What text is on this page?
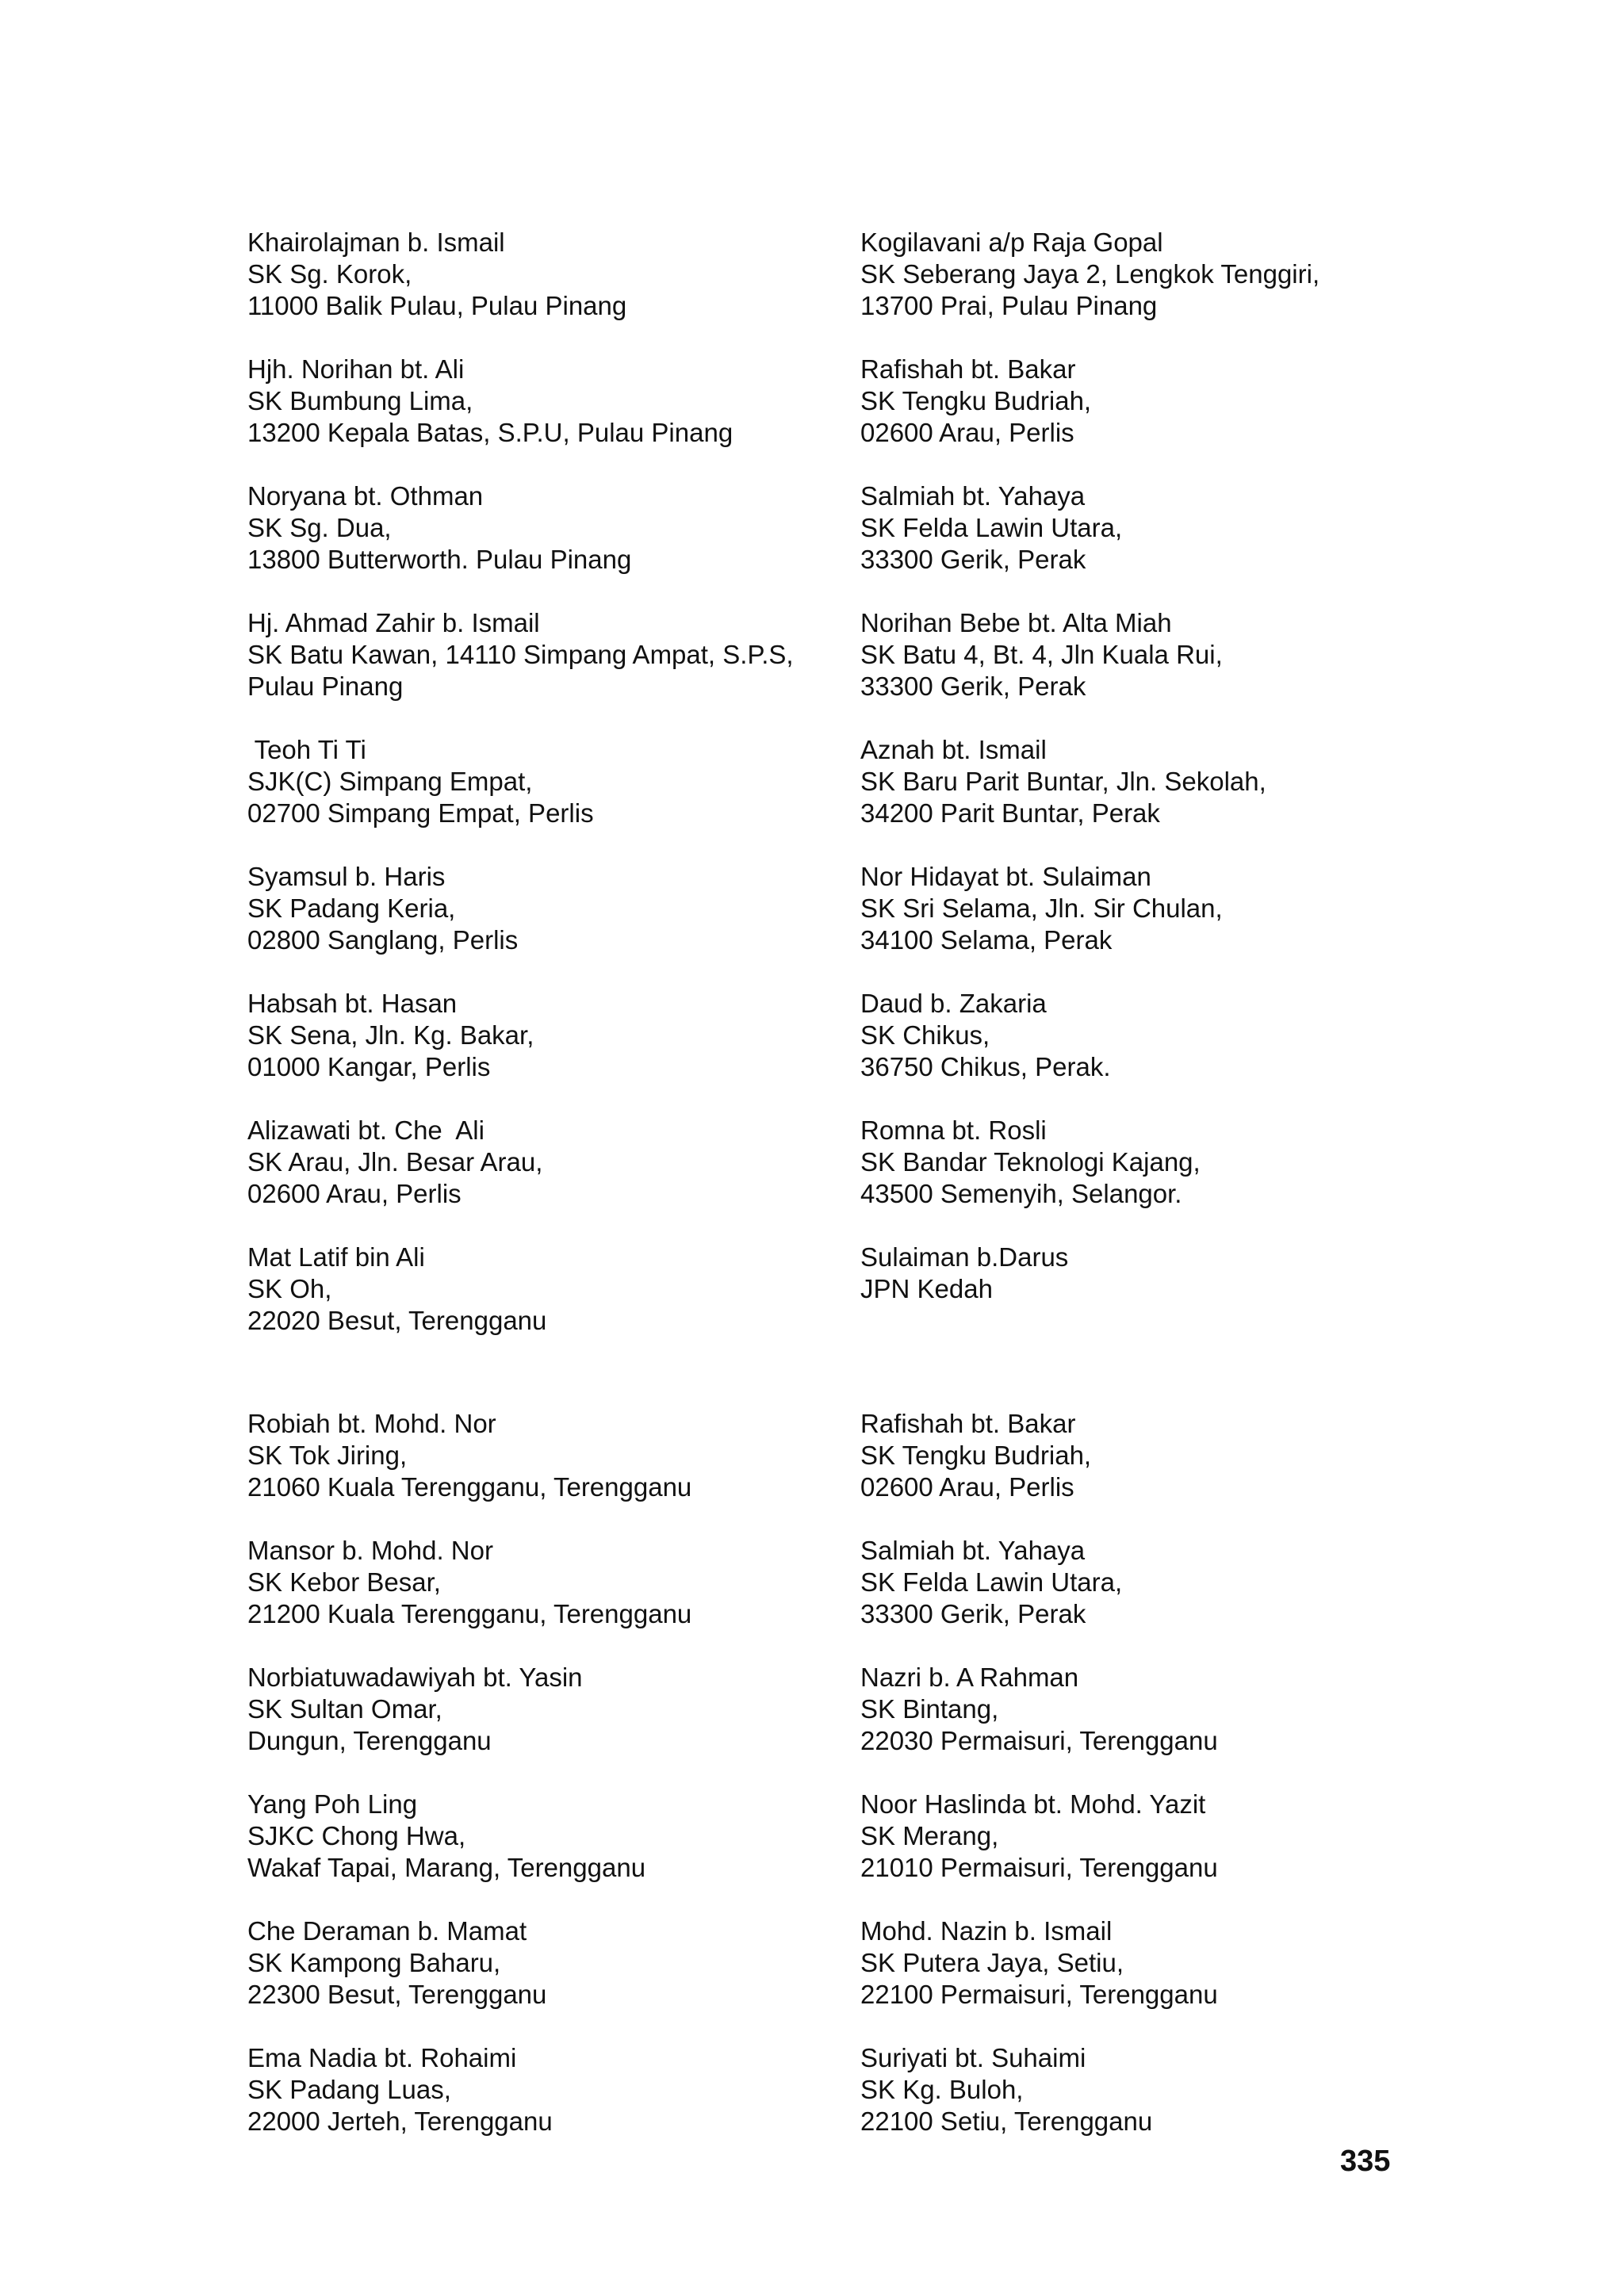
Khairolajman b. Ismail
SK Sg. Korok,
11000 Balik Pulau, Pulau Pinang
Hjh. Norihan bt. Ali
SK Bumbung Lima,
13200 Kepala Batas, S.P.U, Pulau Pinang
Noryana bt. Othman
SK Sg. Dua,
13800 Butterworth. Pulau Pinang
Hj. Ahmad Zahir b. Ismail
SK Batu Kawan, 14110 Simpang Ampat, S.P.S,
Pulau Pinang
Teoh Ti Ti
SJK(C) Simpang Empat,
02700 Simpang Empat, Perlis
Syamsul b. Haris
SK Padang Keria,
02800 Sanglang, Perlis
Habsah bt. Hasan
SK Sena, Jln. Kg. Bakar,
01000 Kangar, Perlis
Alizawati bt. Che  Ali
SK Arau, Jln. Besar Arau,
02600 Arau, Perlis
Mat Latif bin Ali
SK Oh,
22020 Besut, Terengganu
Robiah bt. Mohd. Nor
SK Tok Jiring,
21060 Kuala Terengganu, Terengganu
Mansor b. Mohd. Nor
SK Kebor Besar,
21200 Kuala Terengganu, Terengganu
Norbiatuwadawiyah bt. Yasin
SK Sultan Omar,
Dungun, Terengganu
Yang Poh Ling
SJKC Chong Hwa,
Wakaf Tapai, Marang, Terengganu
Che Deraman b. Mamat
SK Kampong Baharu,
22300 Besut, Terengganu
Ema Nadia bt. Rohaimi
SK Padang Luas,
22000 Jerteh, Terengganu
Kogilavani a/p Raja Gopal
SK Seberang Jaya 2, Lengkok Tenggiri,
13700 Prai, Pulau Pinang
Rafishah bt. Bakar
SK Tengku Budriah,
02600 Arau, Perlis
Salmiah bt. Yahaya
SK Felda Lawin Utara,
33300 Gerik, Perak
Norihan Bebe bt. Alta Miah
SK Batu 4, Bt. 4, Jln Kuala Rui,
33300 Gerik, Perak
Aznah bt. Ismail
SK Baru Parit Buntar, Jln. Sekolah,
34200 Parit Buntar, Perak
Nor Hidayat bt. Sulaiman
SK Sri Selama, Jln. Sir Chulan,
34100 Selama, Perak
Daud b. Zakaria
SK Chikus,
36750 Chikus, Perak.
Romna bt. Rosli
SK Bandar Teknologi Kajang,
43500 Semenyih, Selangor.
Sulaiman b.Darus
JPN Kedah
Rafishah bt. Bakar
SK Tengku Budriah,
02600 Arau, Perlis
Salmiah bt. Yahaya
SK Felda Lawin Utara,
33300 Gerik, Perak
Nazri b. A Rahman
SK Bintang,
22030 Permaisuri, Terengganu
Noor Haslinda bt. Mohd. Yazit
SK Merang,
21010 Permaisuri, Terengganu
Mohd. Nazin b. Ismail
SK Putera Jaya, Setiu,
22100 Permaisuri, Terengganu
Suriyati bt. Suhaimi
SK Kg. Buloh,
22100 Setiu, Terengganu
335
